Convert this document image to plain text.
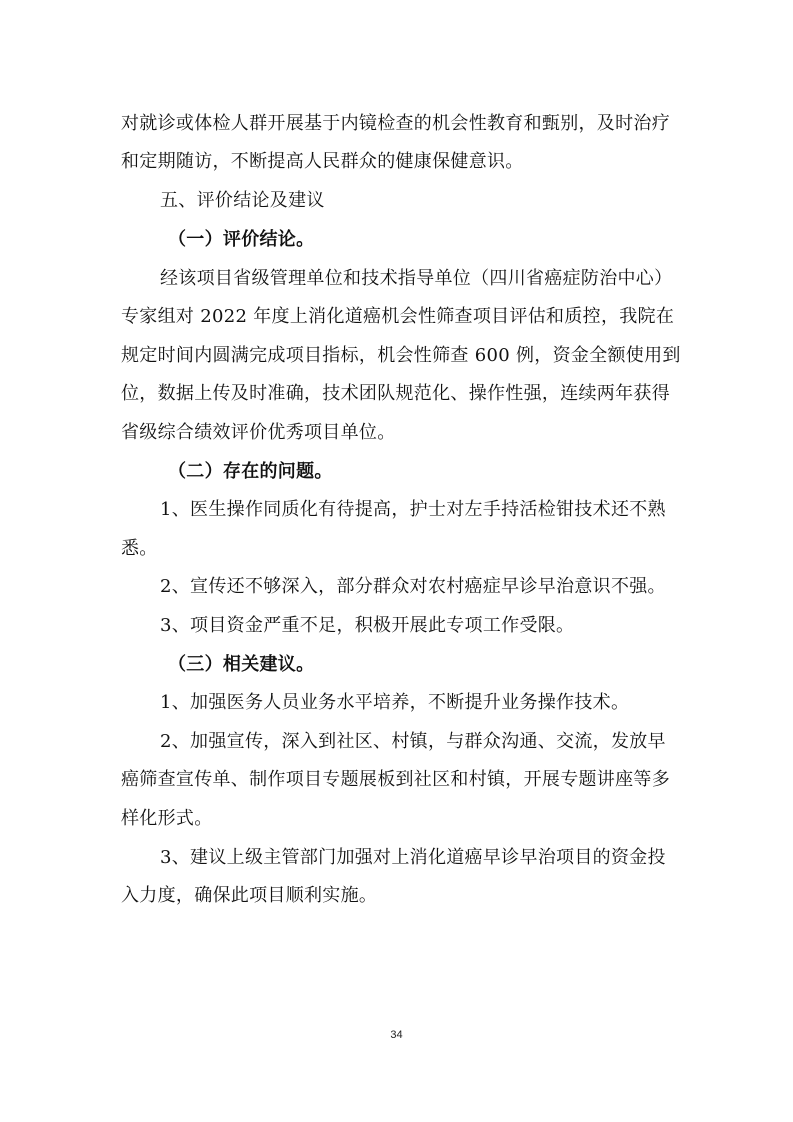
对就诊或体检人群开展基于内镜检查的机会性教育和甄别，及时治疗
和定期随访，不断提高人民群众的健康保健意识。
五、评价结论及建议
（一）评价结论。
经该项目省级管理单位和技术指导单位（四川省癌症防治中心）
专家组对 2022 年度上消化道癌机会性筛查项目评估和质控，我院在
规定时间内圆满完成项目指标，机会性筛查 600 例，资金全额使用到
位，数据上传及时准确，技术团队规范化、操作性强，连续两年获得
省级综合绩效评价优秀项目单位。
（二）存在的问题。
1、医生操作同质化有待提高，护士对左手持活检钳技术还不熟
悉。
2、宣传还不够深入，部分群众对农村癌症早诊早治意识不强。
3、项目资金严重不足，积极开展此专项工作受限。
（三）相关建议。
1、加强医务人员业务水平培养，不断提升业务操作技术。
2、加强宣传，深入到社区、村镇，与群众沟通、交流，发放早
癌筛查宣传单、制作项目专题展板到社区和村镇，开展专题讲座等多
样化形式。
3、建议上级主管部门加强对上消化道癌早诊早治项目的资金投
入力度，确保此项目顺利实施。
34
